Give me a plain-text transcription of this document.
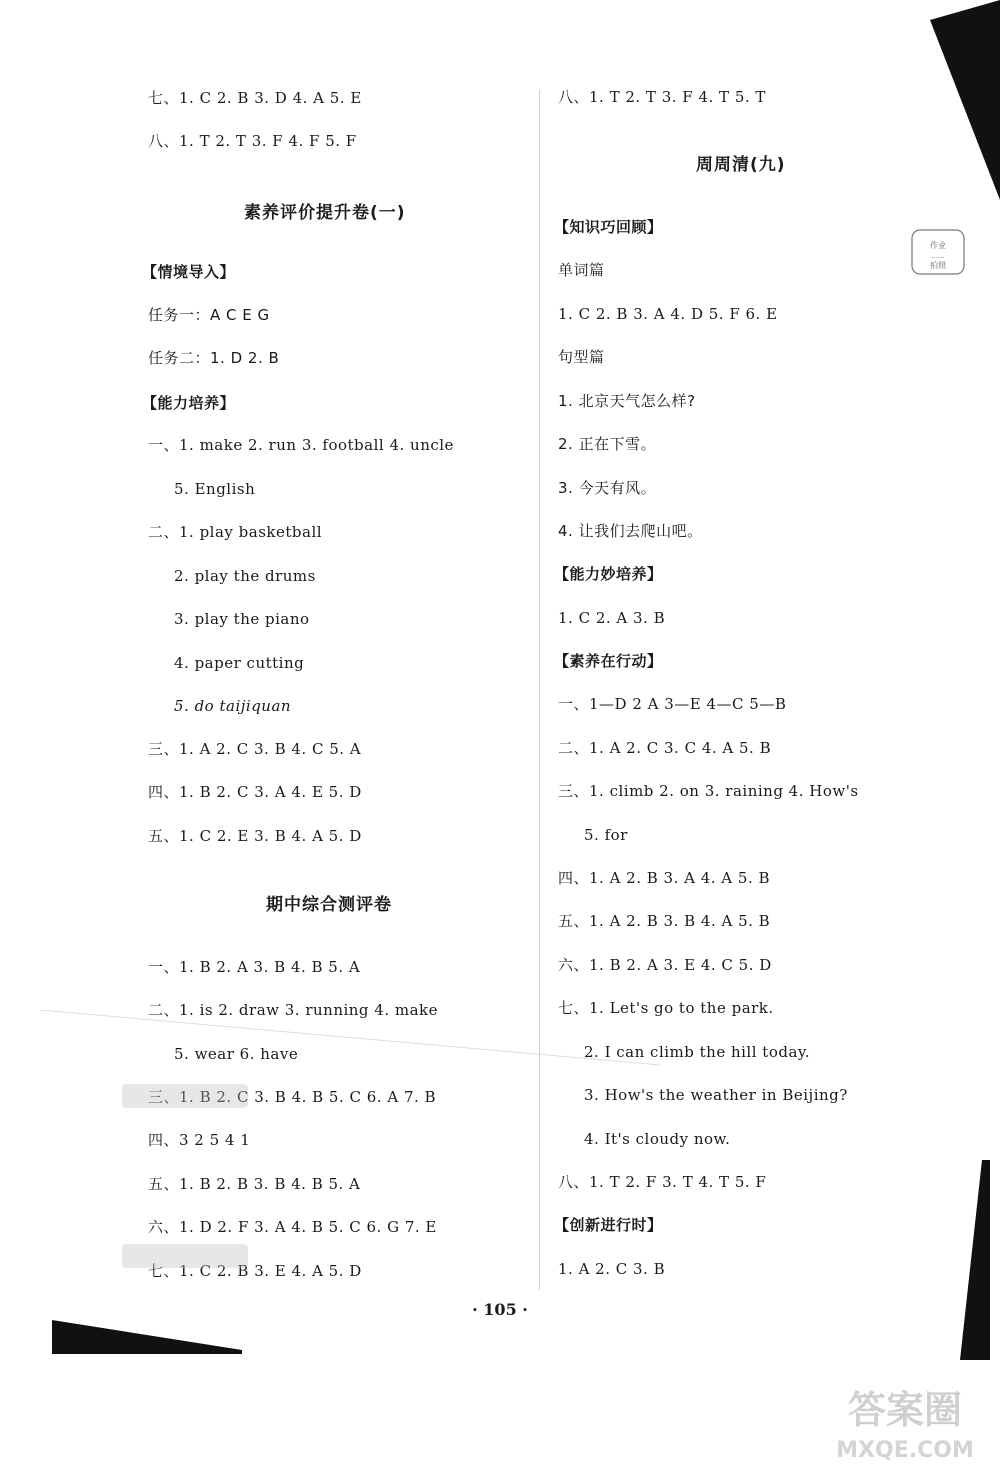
七、1. C 2. B 3. D 4. A 5. E
八、1. T 2. T 3. F 4. F 5. F
素养评价提升卷(一)
【情境导入】
任务一：A C E G
任务二：1. D 2. B
【能力培养】
一、1. make 2. run 3. football 4. uncle
5. English
二、1. play basketball
2. play the drums
3. play the piano
4. paper cutting
5. do taijiquan
三、1. A 2. C 3. B 4. C 5. A
四、1. B 2. C 3. A 4. E 5. D
五、1. C 2. E 3. B 4. A 5. D
期中综合测评卷
一、1. B 2. A 3. B 4. B 5. A
二、1. is 2. draw 3. running 4. make
5. wear 6. have
三、1. B 2. C 3. B 4. B 5. C 6. A 7. B
四、3 2 5 4 1
五、1. B 2. B 3. B 4. B 5. A
六、1. D 2. F 3. A 4. B 5. C 6. G 7. E
七、1. C 2. B 3. E 4. A 5. D
八、1. T 2. T 3. F 4. T 5. T
周周清(九)
【知识巧回顾】
单词篇
1. C 2. B 3. A 4. D 5. F 6. E
句型篇
1. 北京天气怎么样?
2. 正在下雪。
3. 今天有风。
4. 让我们去爬山吧。
【能力妙培养】
1. C 2. A 3. B
【素养在行动】
一、1—D 2 A 3—E 4—C 5—B
二、1. A 2. C 3. C 4. A 5. B
三、1. climb 2. on 3. raining 4. How's
5. for
四、1. A 2. B 3. A 4. A 5. B
五、1. A 2. B 3. B 4. A 5. B
六、1. B 2. A 3. E 4. C 5. D
七、1. Let's go to the park.
2. I can climb the hill today.
3. How's the weather in Beijing?
4. It's cloudy now.
八、1. T 2. F 3. T 4. T 5. F
【创新进行时】
1. A 2. C 3. B
作业
......
拍照
· 105 ·
答案圈
MXQE.COM
